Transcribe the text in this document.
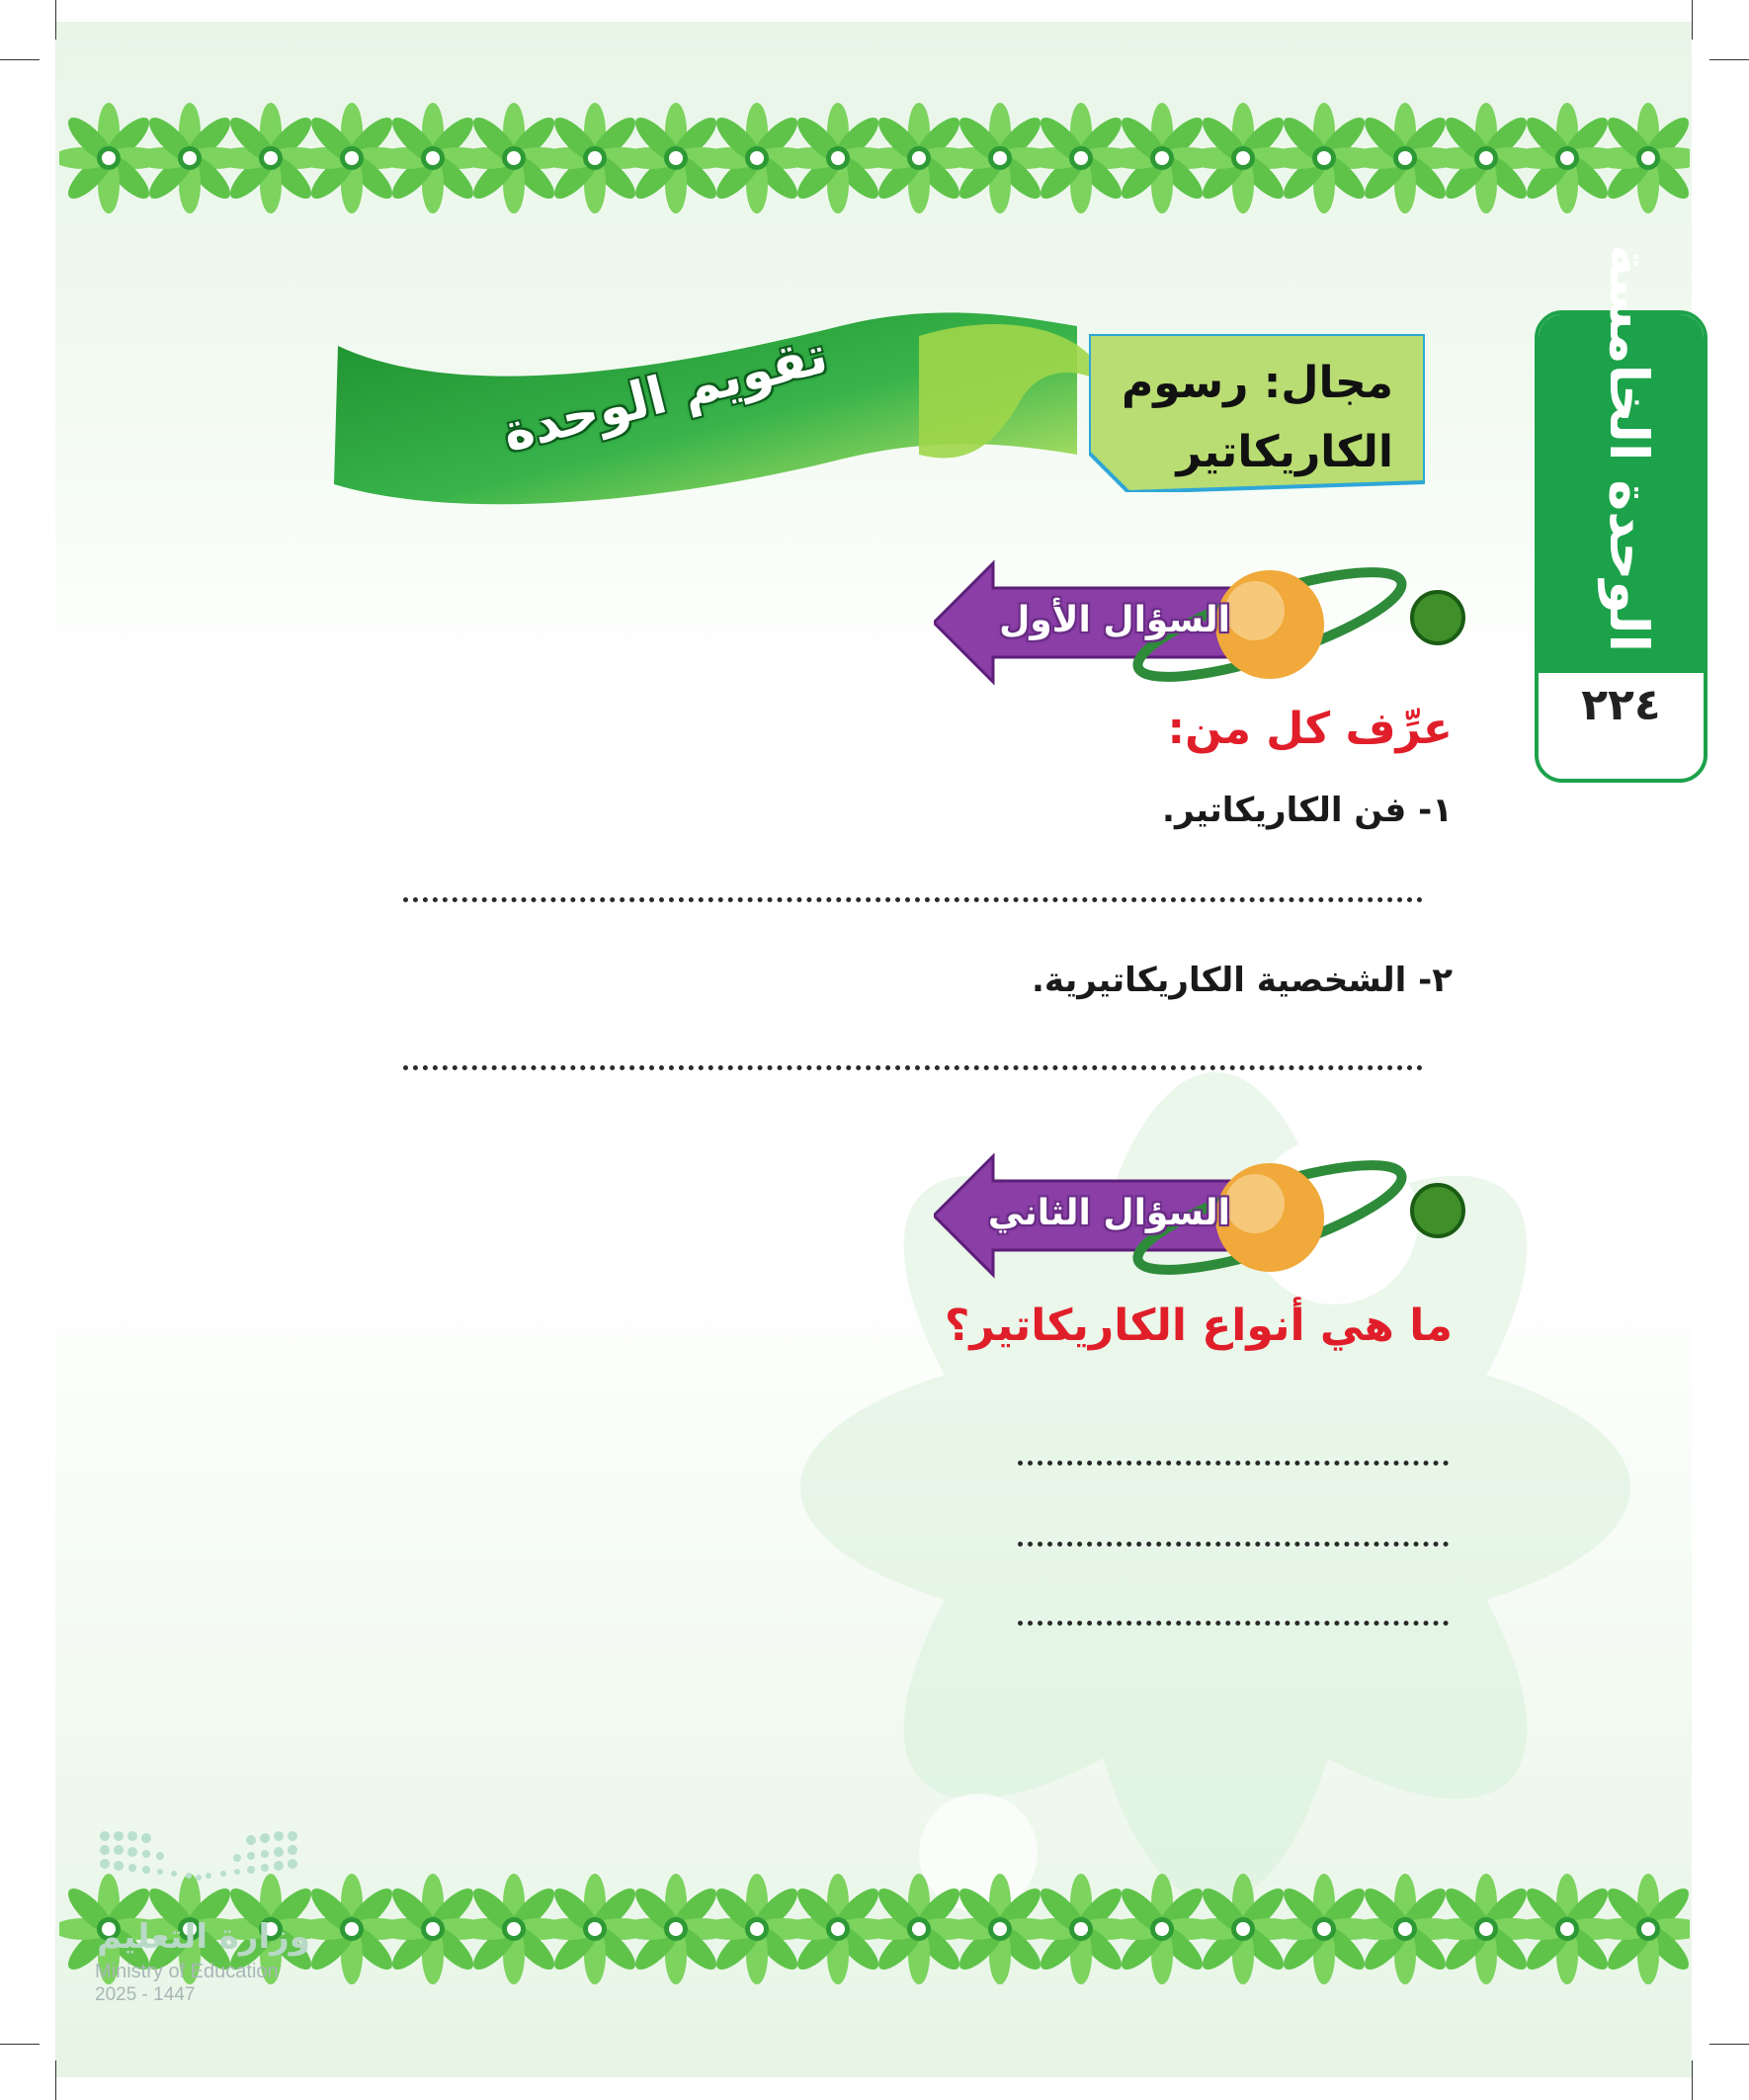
تقويم الوحدة	مجال: رسوم
الكاريكاتير
٢٢٤
الوحدة الخامسة
السؤال الأول
عرِّف كل من:
١- فن الكاريكاتير.
٢- الشخصية الكاريكاتيرية.
السؤال الثاني
ما هي أنواع الكاريكاتير؟
وزارة التعليم
Ministry of Education
2025 - 1447
